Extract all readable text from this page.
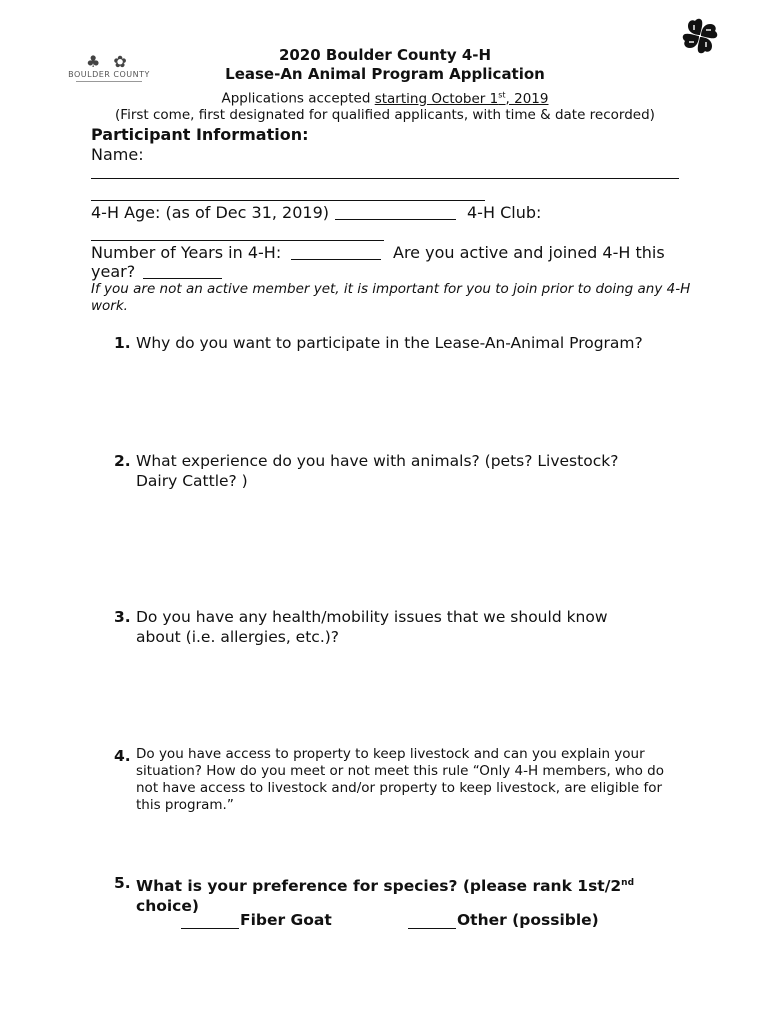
♣ ✿
BOULDER COUNTY
2020 Boulder County 4-H
Lease-An Animal Program Application
Applications accepted starting October 1st, 2019
(First come, first designated for qualified applicants, with time & date recorded)
Participant Information:
Name:
4-H Age: (as of Dec 31, 2019)	4-H Club:
Number of Years in 4-H:	Are you active and joined 4-H this
year?
If you are not an active member yet, it is important for you to join prior to doing any 4-H work.
1. Why do you want to participate in the Lease-An-Animal Program?
2. What experience do you have with animals? (pets? Livestock? Dairy Cattle? )
3. Do you have any health/mobility issues that we should know about (i.e. allergies, etc.)?
4. Do you have access to property to keep livestock and can you explain your situation? How do you meet or not meet this rule “Only 4-H members, who do not have access to livestock and/or property to keep livestock, are eligible for this program.”
5. What is your preference for species? (please rank 1st/2nd
choice)
Fiber Goat	Other (possible)
